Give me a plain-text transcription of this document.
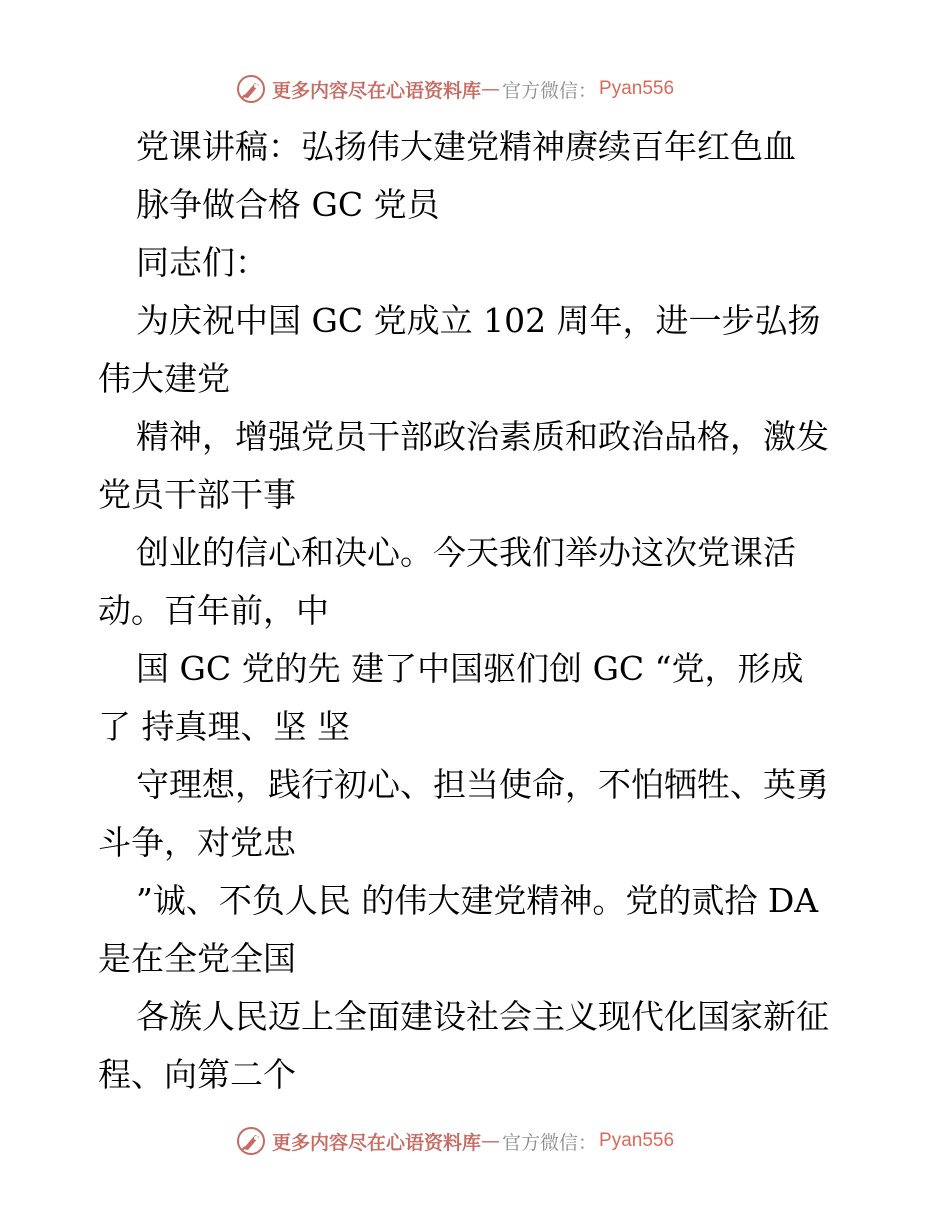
更多内容尽在心语资料库 — 官方微信： Pyan556
党课讲稿：弘扬伟大建党精神赓续百年红色血
脉争做合格 GC 党员
同志们：
为庆祝中国 GC 党成立 102 周年，进一步弘扬
伟大建党
精神，增强党员干部政治素质和政治品格，激发
党员干部干事
创业的信心和决心。今天我们举办这次党课活
动。百年前，中
国 GC 党的先 建了中国驱们创 GC “党，形成
了 持真理、坚 坚
守理想，践行初心、担当使命，不怕牺牲、英勇
斗争，对党忠
”诚、不负人民 的伟大建党精神。党的贰拾 DA
是在全党全国
各族人民迈上全面建设社会主义现代化国家新征
程、向第二个
更多内容尽在心语资料库 — 官方微信： Pyan556
